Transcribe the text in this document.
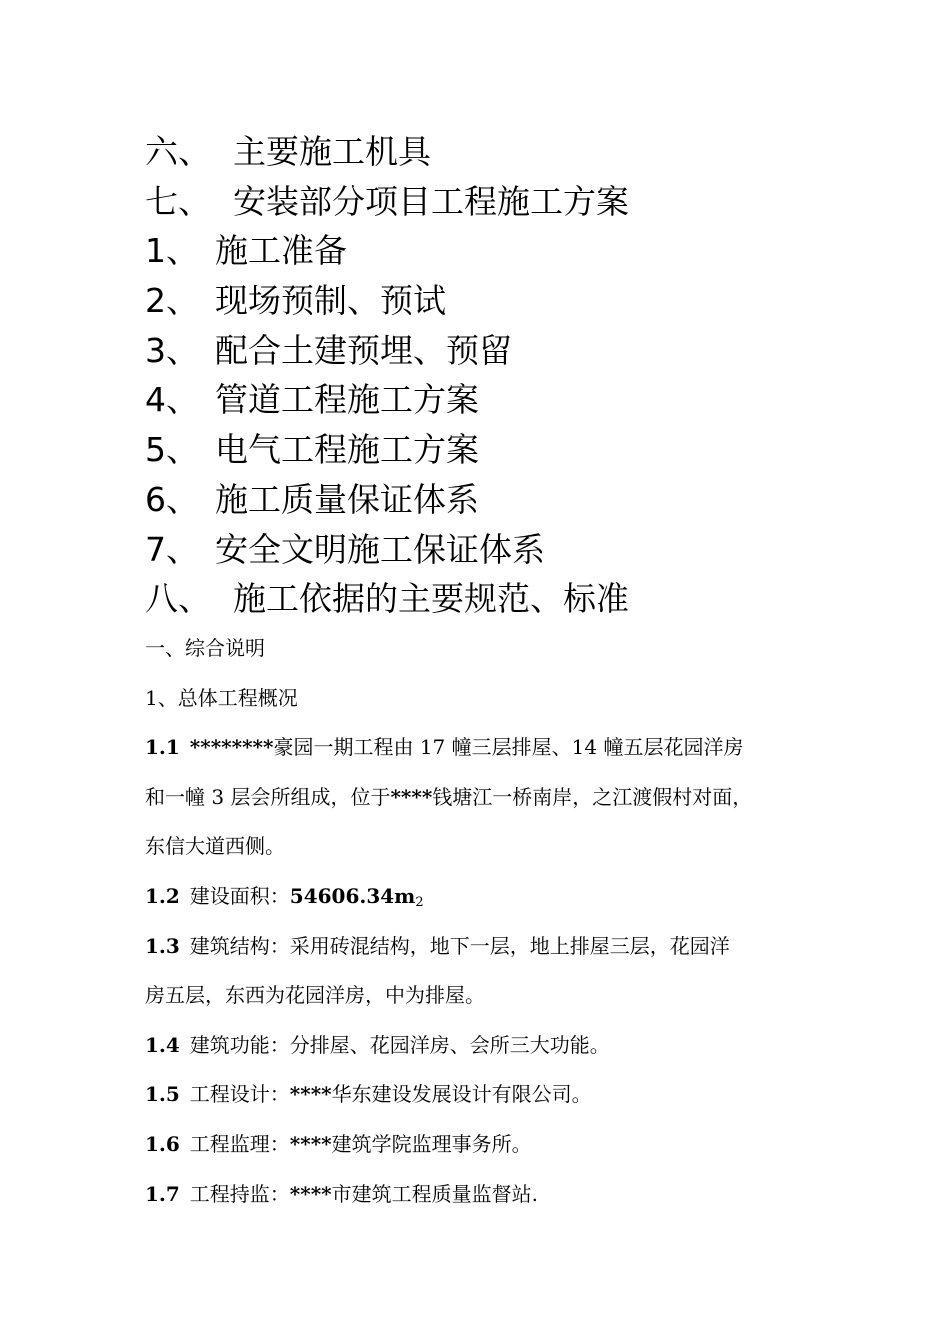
六、 主要施工机具
七、 安装部分项目工程施工方案
1、 施工准备
2、 现场预制、预试
3、 配合土建预埋、预留
4、 管道工程施工方案
5、 电气工程施工方案
6、 施工质量保证体系
7、 安全文明施工保证体系
八、 施工依据的主要规范、标准
一、综合说明
1、总体工程概况
1.1 ********豪园一期工程由 17 幢三层排屋、14 幢五层花园洋房
和一幢 3 层会所组成，位于****钱塘江一桥南岸，之江渡假村对面，
东信大道西侧。
1.2 建设面积：$54606.34m_2$
1.3 建筑结构：采用砖混结构，地下一层，地上排屋三层，花园洋
房五层，东西为花园洋房，中为排屋。
1.4 建筑功能：分排屋、花园洋房、会所三大功能。
1.5 工程设计：****华东建设发展设计有限公司。
1.6 工程监理：****建筑学院监理事务所。
1.7 工程持监：****市建筑工程质量监督站.
